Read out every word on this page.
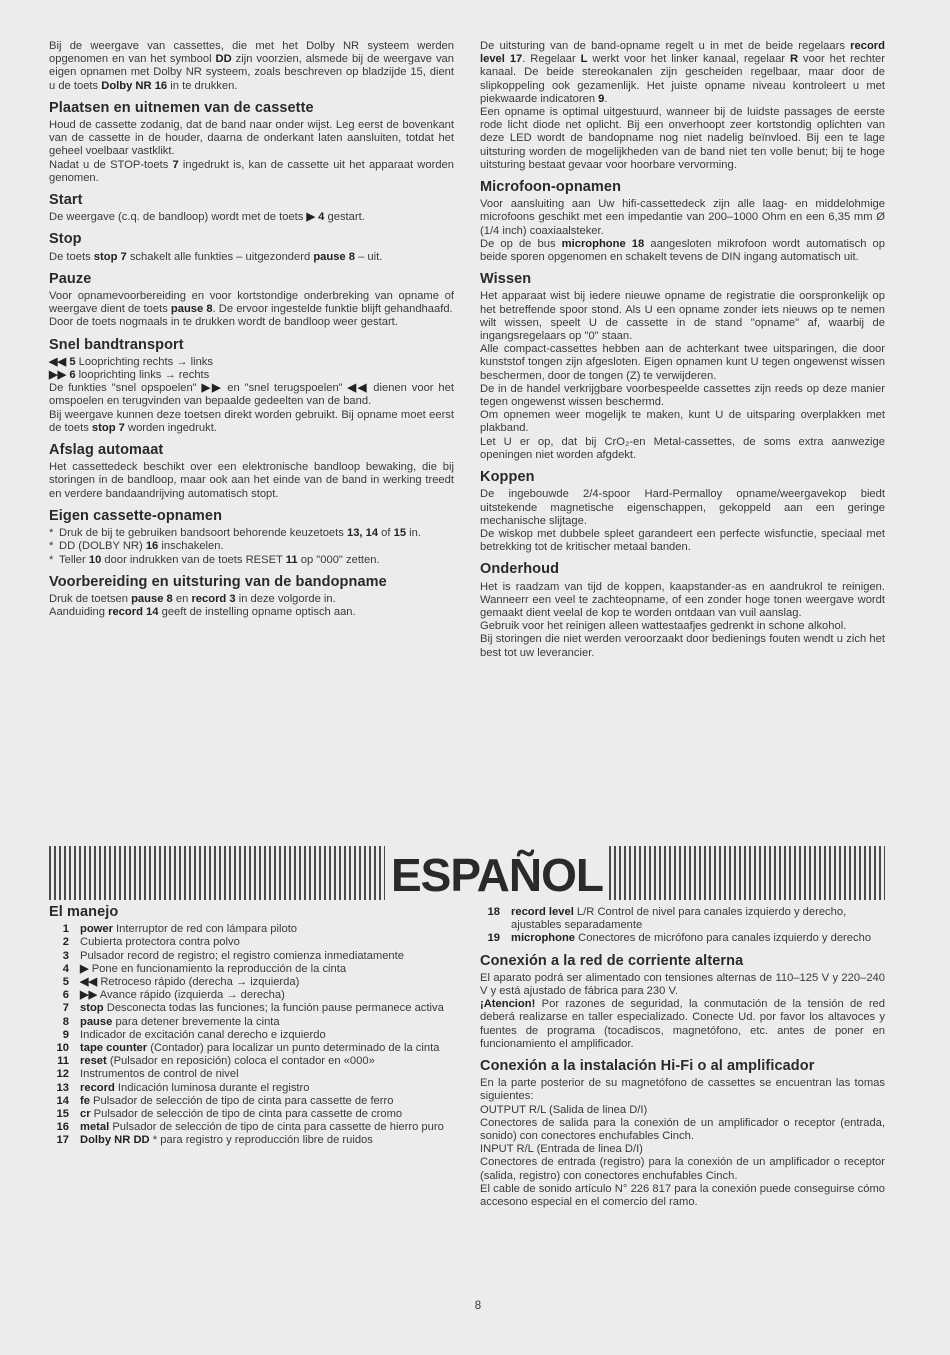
Bij de weergave van cassettes, die met het Dolby NR systeem werden opgenomen en van het symbool DD zijn voorzien, alsmede bij de weergave van eigen opnamen met Dolby NR systeem, zoals beschreven op bladzijde 15, dient u de toets Dolby NR 16 in te drukken.

Plaatsen en uitnemen van de cassette

Houd de cassette zodanig, dat de band naar onder wijst. Leg eerst de bovenkant van de cassette in de houder, daarna de onderkant laten aansluiten, totdat het geheel voelbaar vastklikt.

Nadat u de STOP-toets 7 ingedrukt is, kan de cassette uit het apparaat worden genomen.

Start

De weergave (c.q. de bandloop) wordt met de toets ▶ 4 gestart.

Stop

De toets stop 7 schakelt alle funkties – uitgezonderd pause 8 – uit.

Pauze

Voor opnamevoorbereiding en voor kortstondige onderbreking van opname of weergave dient de toets pause 8. De ervoor ingestelde funktie blijft gehandhaafd.

Door de toets nogmaals in te drukken wordt de bandloop weer gestart.

Snel bandtransport

◀◀ 5 Looprichting rechts → links

▶▶ 6 looprichting links → rechts

De funkties "snel opspoelen" ▶▶ en "snel terugspoelen" ◀◀ dienen voor het omspoelen en terugvinden van bepaalde gedeelten van de band.

Bij weergave kunnen deze toetsen direkt worden gebruikt. Bij opname moet eerst de toets stop 7 worden ingedrukt.

Afslag automaat

Het cassettedeck beschikt over een elektronische bandloop bewaking, die bij storingen in de bandloop, maar ook aan het einde van de band in werking treedt en verdere bandaandrijving automatisch stopt.

Eigen cassette-opnamen

* Druk de bij te gebruiken bandsoort behorende keuzetoets 13, 14 of 15 in.

* DD (DOLBY NR) 16 inschakelen.

* Teller 10 door indrukken van de toets RESET 11 op "000" zetten.

Voorbereiding en uitsturing van de bandopname

Druk de toetsen pause 8 en record 3 in deze volgorde in.

Aanduiding record 14 geeft de instelling opname optisch aan.

De uitsturing van de band-opname regelt u in met de beide regelaars record level 17. Regelaar L werkt voor het linker kanaal, regelaar R voor het rechter kanaal. De beide stereokanalen zijn gescheiden regelbaar, maar door de slipkoppeling ook gezamenlijk. Het juiste opname niveau kontroleert u met piekwaarde indicatoren 9.

Een opname is optimal uitgestuurd, wanneer bij de luidste passages de eerste rode licht diode net oplicht. Bij een onverhoopt zeer kortstondig oplichten van deze LED wordt de bandopname nog niet nadelig beïnvloed. Bij een te lage uitsturing worden de mogelijkheden van de band niet ten volle benut; bij te hoge uitsturing bestaat gevaar voor hoorbare vervorming.

Microfoon-opnamen

Voor aansluiting aan Uw hifi-cassettedeck zijn alle laag- en middelohmige microfoons geschikt met een impedantie van 200–1000 Ohm en een 6,35 mm Ø (1/4 inch) coaxiaalsteker.

De op de bus microphone 18 aangesloten mikrofoon wordt automatisch op beide sporen opgenomen en schakelt tevens de DIN ingang automatisch uit.

Wissen

Het apparaat wist bij iedere nieuwe opname de registratie die oorspronkelijk op het betreffende spoor stond. Als U een opname zonder iets nieuws op te nemen wilt wissen, speelt U de cassette in de stand "opname" af, waarbij de ingangsregelaars op "0" staan.

Alle compact-cassettes hebben aan de achterkant twee uitsparingen, die door kunststof tongen zijn afgesloten. Eigen opnamen kunt U tegen ongewenst wissen beschermen, door de tongen (Z) te verwijderen.

De in de handel verkrijgbare voorbespeelde cassettes zijn reeds op deze manier tegen ongewenst wissen beschermd.

Om opnemen weer mogelijk te maken, kunt U de uitsparing overplakken met plakband.

Let U er op, dat bij CrO₂-en Metal-cassettes, de soms extra aanwezige openingen niet worden afgdekt.

Koppen

De ingebouwde 2/4-spoor Hard-Permalloy opname/weergavekop biedt uitstekende magnetische eigenschappen, gekoppeld aan een geringe mechanische slijtage.

De wiskop met dubbele spleet garandeert een perfecte wisfunctie, speciaal met betrekking tot de kritischer metaal banden.

Onderhoud

Het is raadzam van tijd de koppen, kaapstander-as en aandrukrol te reinigen. Wanneerr een veel te zachteopname, of een zonder hoge tonen weergave wordt gemaakt dient veelal de kop te worden ontdaan van vuil aanslag.

Gebruik voor het reinigen alleen wattestaafjes gedrenkt in schone alkohol.

Bij storingen die niet werden veroorzaakt door bedienings fouten wendt u zich het best tot uw leverancier.

ESPAÑOL
El manejo
1 power Interruptor de red con lámpara piloto
2 Cubierta protectora contra polvo
3 Pulsador record de registro; el registro comienza inmediatamente
4 ▶ Pone en funcionamiento la reproducción de la cinta
5 ◀◀ Retroceso rápido (derecha → izquierda)
6 ▶▶ Avance rápido (izquierda → derecha)
7 stop Desconecta todas las funciones; la función pause permanece activa
8 pause para detener brevemente la cinta
9 Indicador de excitación canal derecho e izquierdo
10 tape counter (Contador) para localizar un punto determinado de la cinta
11 reset (Pulsador en reposición) coloca el contador en «000»
12 Instrumentos de control de nivel
13 record Indicación luminosa durante el registro
14 fe Pulsador de selección de tipo de cinta para cassette de ferro
15 cr Pulsador de selección de tipo de cinta para cassette de cromo
16 metal Pulsador de selección de tipo de cinta para cassette de hierro puro
17 Dolby NR DD * para registro y reproducción libre de ruidos
18 record level L/R Control de nivel para canales izquierdo y derecho, ajustables separadamente
19 microphone Conectores de micrófono para canales izquierdo y derecho
Conexión a la red de corriente alterna

El aparato podrá ser alimentado con tensiones alternas de 110–125 V y 220–240 V y está ajustado de fábrica para 230 V.

¡Atencion! Por razones de seguridad, la conmutación de la tensión de red deberá realizarse en taller especializado. Conecte Ud. por favor los altavoces y fuentes de programa (tocadiscos, magnetófono, etc. antes de poner en funcionamiento el amplificador.

Conexión a la instalación Hi-Fi o al amplificador

En la parte posterior de su magnetófono de cassettes se encuentran las tomas siguientes:

OUTPUT R/L (Salida de linea D/I)

Conectores de salida para la conexión de un amplificador o receptor (entrada, sonido) con conectores enchufables Cinch.

INPUT R/L (Entrada de linea D/I)

Conectores de entrada (registro) para la conexión de un amplificador o receptor (salida, registro) con conectores enchufables Cinch.

El cable de sonido artículo N° 226 817 para la conexión puede conseguirse cómo accesono especial en el comercio del ramo.

8
